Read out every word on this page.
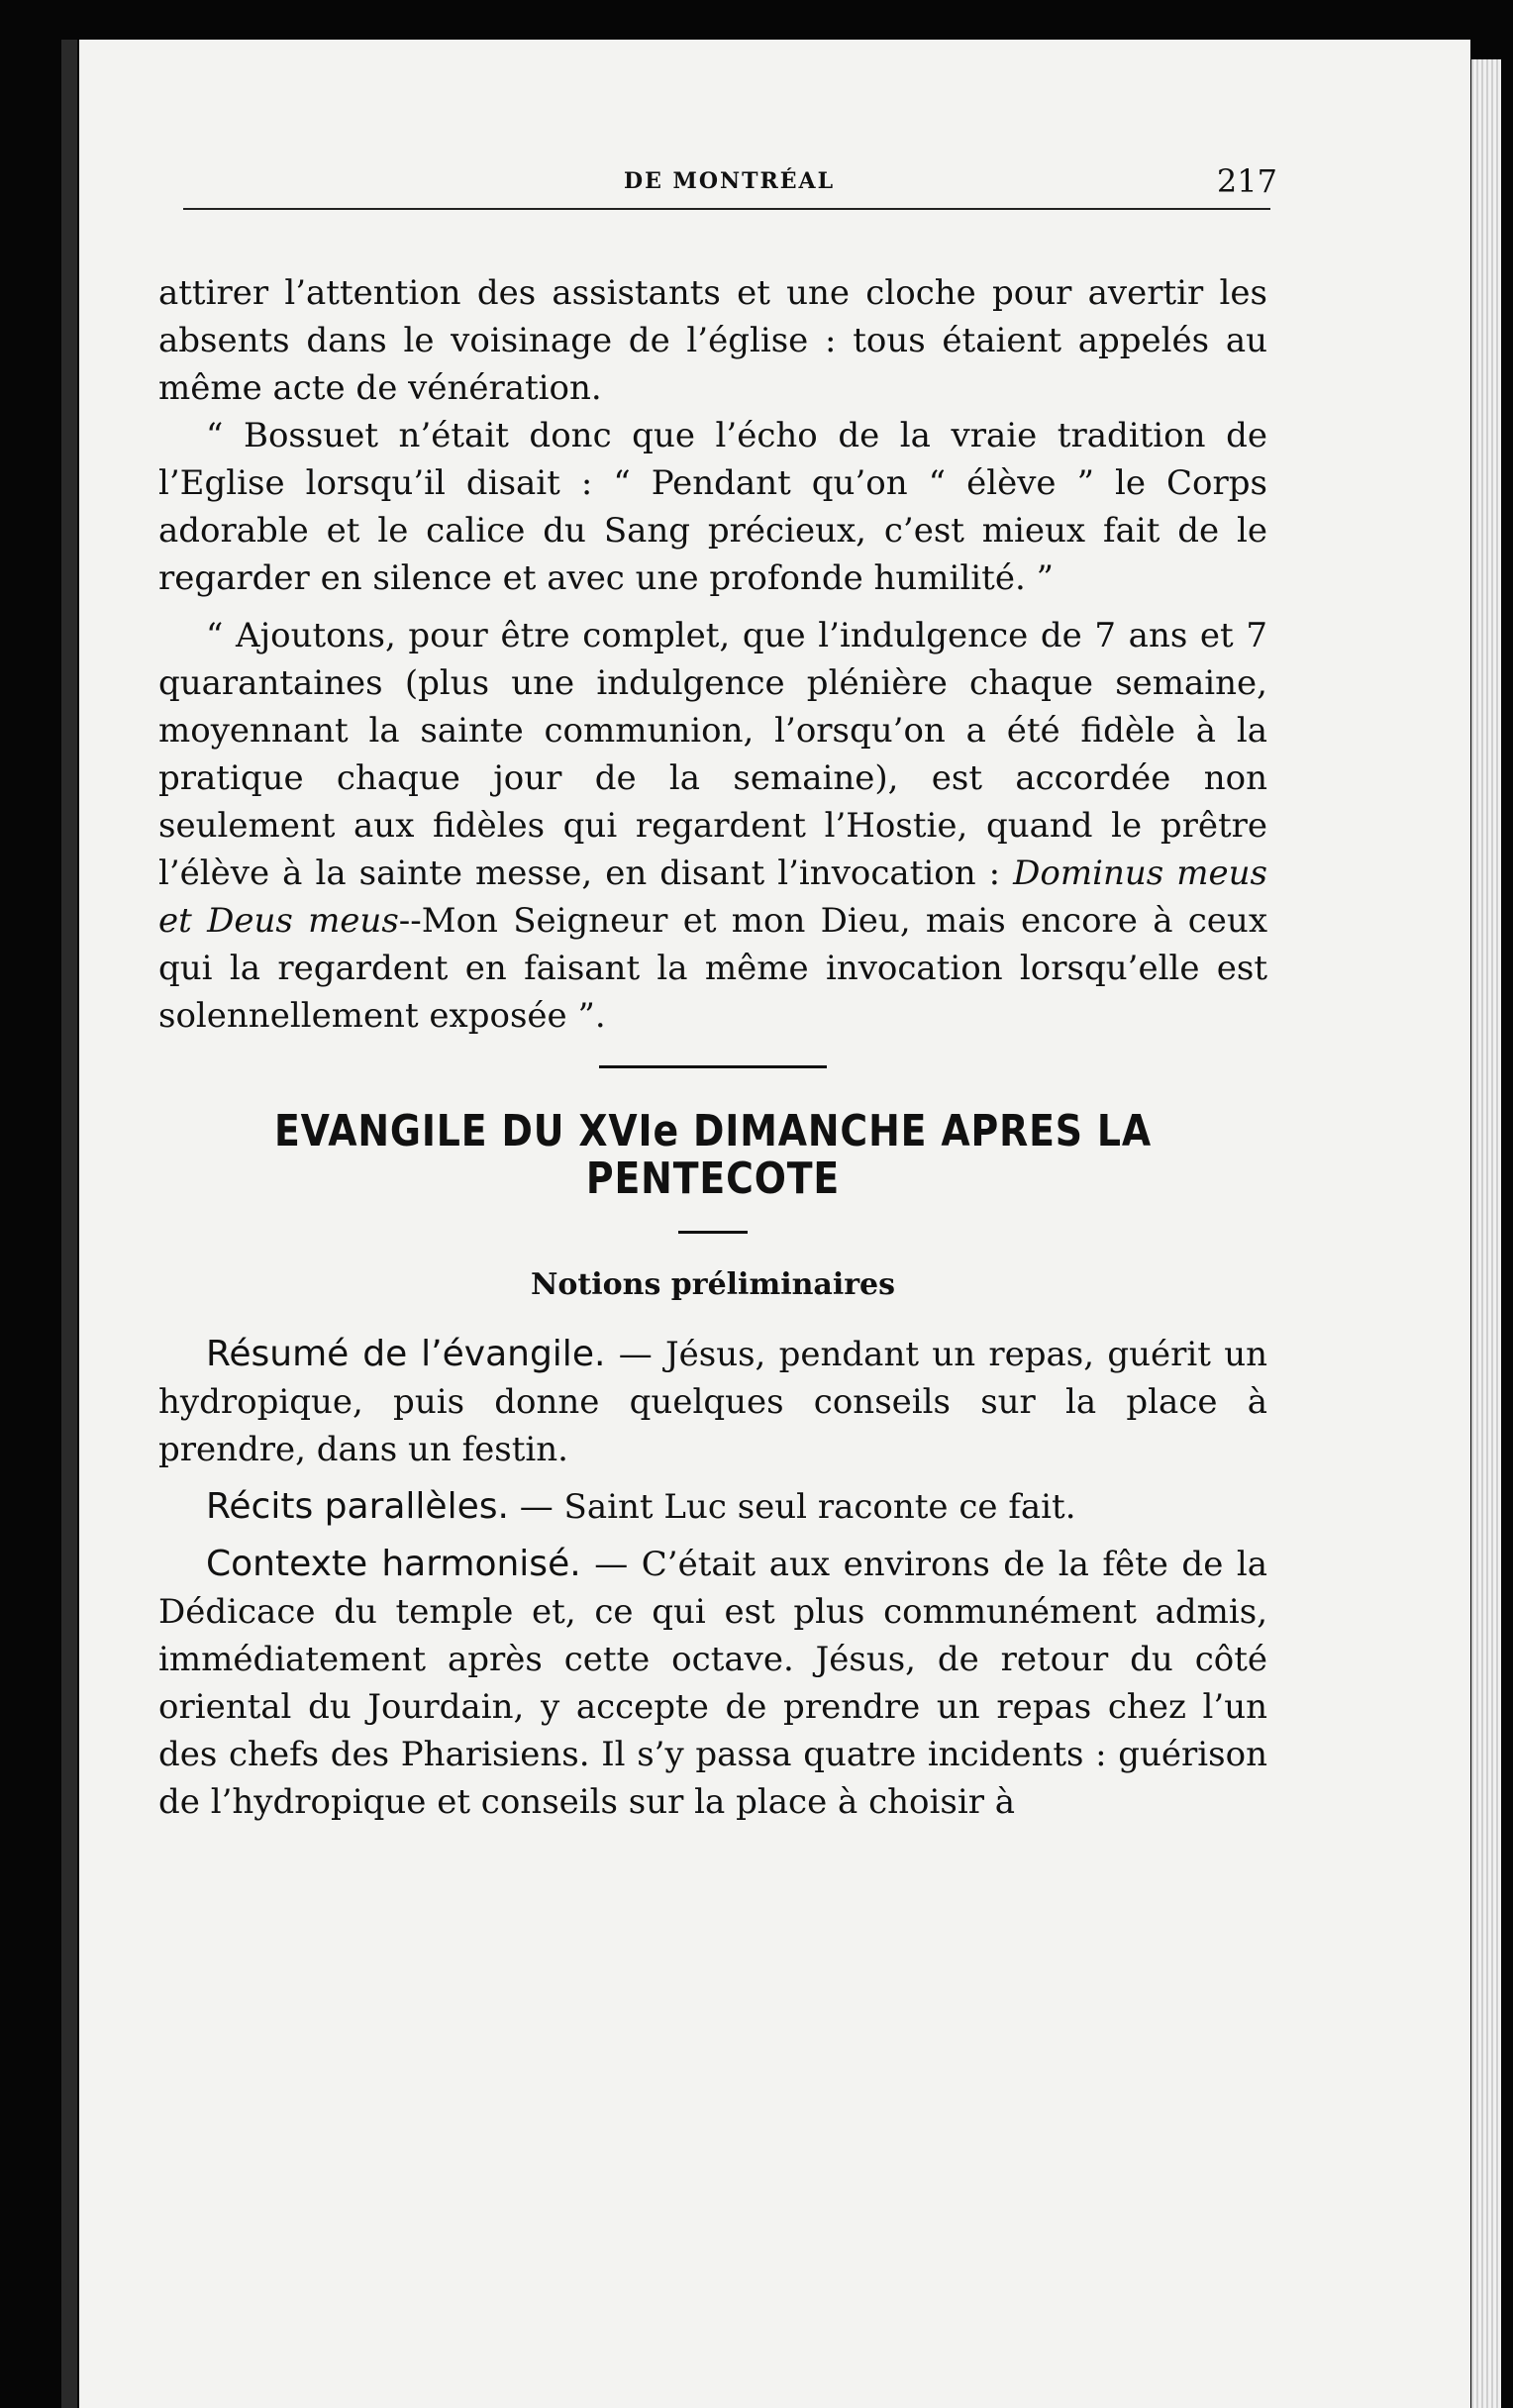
DE MONTRÉAL	217

attirer l’attention des assistants et une cloche pour avertir les absents dans le voisinage de l’église : tous étaient appelés au même acte de vénération.

“ Bossuet n’était donc que l’écho de la vraie tradition de l’Eglise lorsqu’il disait : “ Pendant qu’on “ élève ” le Corps adorable et le calice du Sang précieux, c’est mieux fait de le regarder en silence et avec une profonde humilité. ”

“ Ajoutons, pour être complet, que l’indulgence de 7 ans et 7 quarantaines (plus une indulgence plénière chaque semaine, moyennant la sainte communion, l’orsqu’on a été fidèle à la pratique chaque jour de la semaine), est accordée non seulement aux fidèles qui regardent l’Hostie, quand le prêtre l’élève à la sainte messe, en disant l’invocation : Dominus meus et Deus meus--Mon Seigneur et mon Dieu, mais encore à ceux qui la regardent en faisant la même invocation lorsqu’elle est solennellement exposée ”.

EVANGILE DU XVIe DIMANCHE APRES LA PENTECOTE

Notions préliminaires

Résumé de l’évangile. — Jésus, pendant un repas, guérit un hydropique, puis donne quelques conseils sur la place à prendre, dans un festin.

Récits parallèles. — Saint Luc seul raconte ce fait.

Contexte harmonisé. — C’était aux environs de la fête de la Dédicace du temple et, ce qui est plus communément admis, immédiatement après cette octave. Jésus, de retour du côté oriental du Jourdain, y accepte de prendre un repas chez l’un des chefs des Pharisiens. Il s’y passa quatre incidents : guérison de l’hydropique et conseils sur la place à choisir à
